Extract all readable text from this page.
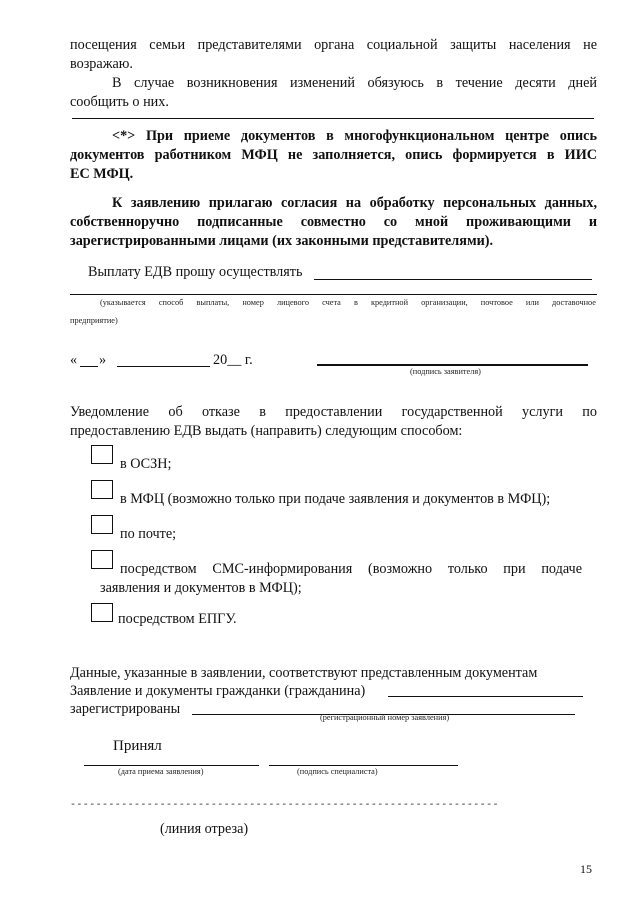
посещения семьи представителями органа социальной защиты населения не
возражаю.
В случае возникновения изменений обязуюсь в течение десяти дней
сообщить о них.
<*> При приеме документов в многофункциональном центре опись
документов работником МФЦ не заполняется, опись формируется в ИИС
ЕС МФЦ.
К заявлению прилагаю согласия на обработку персональных данных,
собственноручно подписанные совместно со мной проживающими и
зарегистрированными лицами (их законными представителями).
Выплату ЕДВ прошу осуществлять
(указывается способ выплаты, номер лицевого счета в кредитной организации, почтовое или доставочное
предприятие)
« »	20__ г.
(подпись заявителя)
Уведомление об отказе в предоставлении государственной услуги по
предоставлению ЕДВ выдать (направить) следующим способом:
в ОСЗН;
в МФЦ (возможно только при подаче заявления и документов в МФЦ);
по почте;
посредством СМС-информирования (возможно только при подаче
заявления и документов в МФЦ);
посредством ЕПГУ.
Данные, указанные в заявлении, соответствуют представленным документам
Заявление и документы гражданки (гражданина)
зарегистрированы
(регистрационный номер заявления)
Принял
(дата приема заявления)	(подпись специалиста)
-------------------------------------------------------------------
(линия отреза)
15
